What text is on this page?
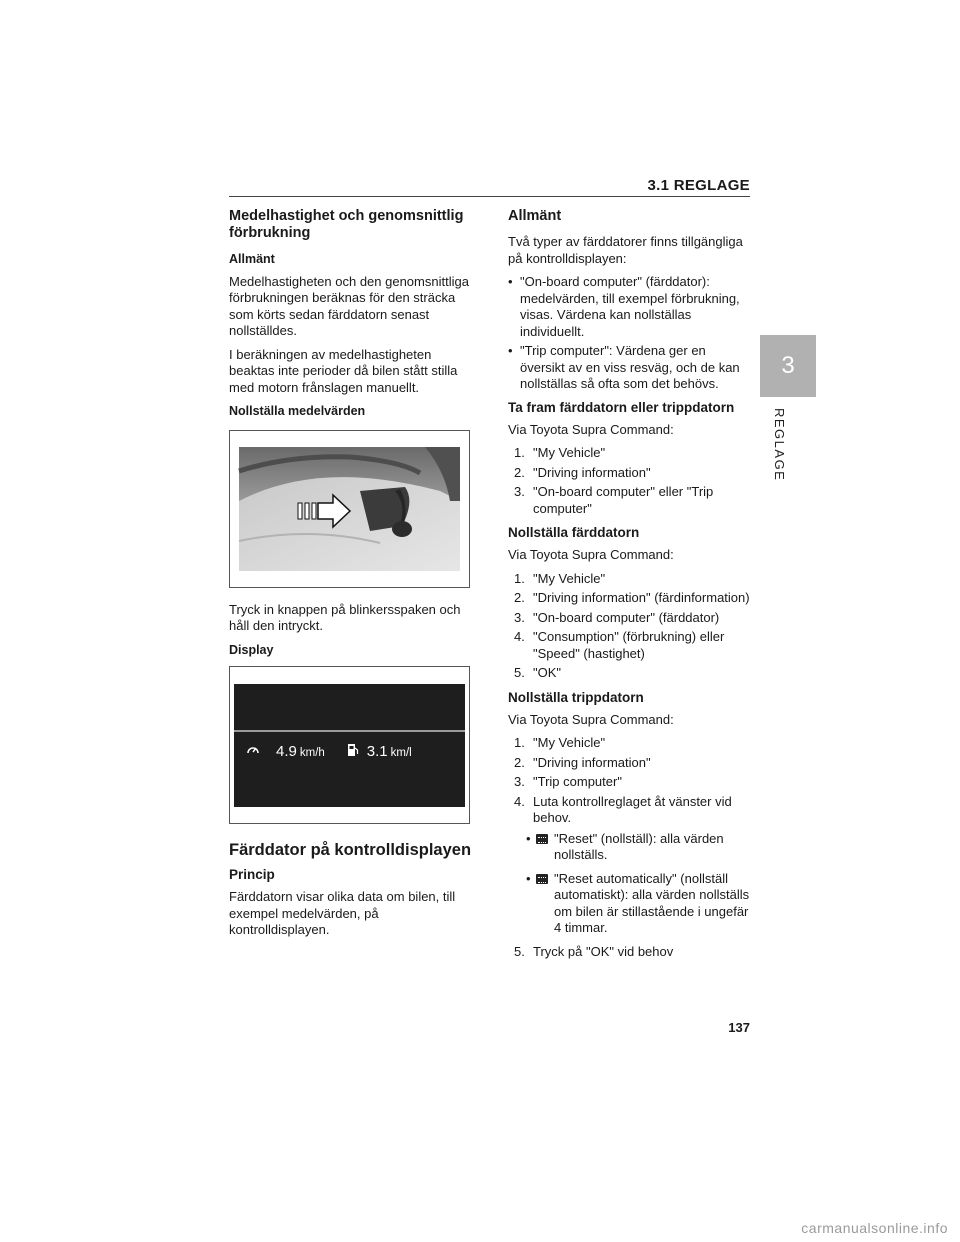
3.1 REGLAGE
3
REGLAGE
Medelhastighet och genomsnittlig förbrukning
Allmänt

Medelhastigheten och den genomsnittliga förbrukningen beräknas för den sträcka som körts sedan färddatorn senast nollställdes.

I beräkningen av medelhastigheten beaktas inte perioder då bilen stått stilla med motorn frånslagen manuellt.

Nollställa medelvärden

Tryck in knappen på blinkersspaken och håll den intryckt.

Display
4.9 km/h	3.1 km/l
Färddator på kontrolldisplayen
Princip

Färddatorn visar olika data om bilen, till exempel medelvärden, på kontrolldisplayen.

Allmänt

Två typer av färddatorer finns tillgängliga på kontrolldisplayen:

• "On-board computer" (färddator): medelvärden, till exempel förbrukning, visas. Värdena kan nollställas individuellt.
• "Trip computer": Värdena ger en översikt av en viss resväg, och de kan nollställas så ofta som det behövs.
Ta fram färddatorn eller trippdatorn

Via Toyota Supra Command:

1. "My Vehicle"
2. "Driving information"
3. "On-board computer" eller "Trip computer"
Nollställa färddatorn

Via Toyota Supra Command:

1. "My Vehicle"
2. "Driving information" (färdinformation)
3. "On-board computer" (färddator)
4. "Consumption" (förbrukning) eller "Speed" (hastighet)
5. "OK"
Nollställa trippdatorn

Via Toyota Supra Command:

1. "My Vehicle"
2. "Driving information"
3. "Trip computer"
4. Luta kontrollreglaget åt vänster vid behov.
• "Reset" (nollställ): alla värden nollställs.
• "Reset automatically" (nollställ automatiskt): alla värden nollställs om bilen är stillastående i ungefär 4 timmar.
5. Tryck på "OK" vid behov
137
carmanualsonline.info
